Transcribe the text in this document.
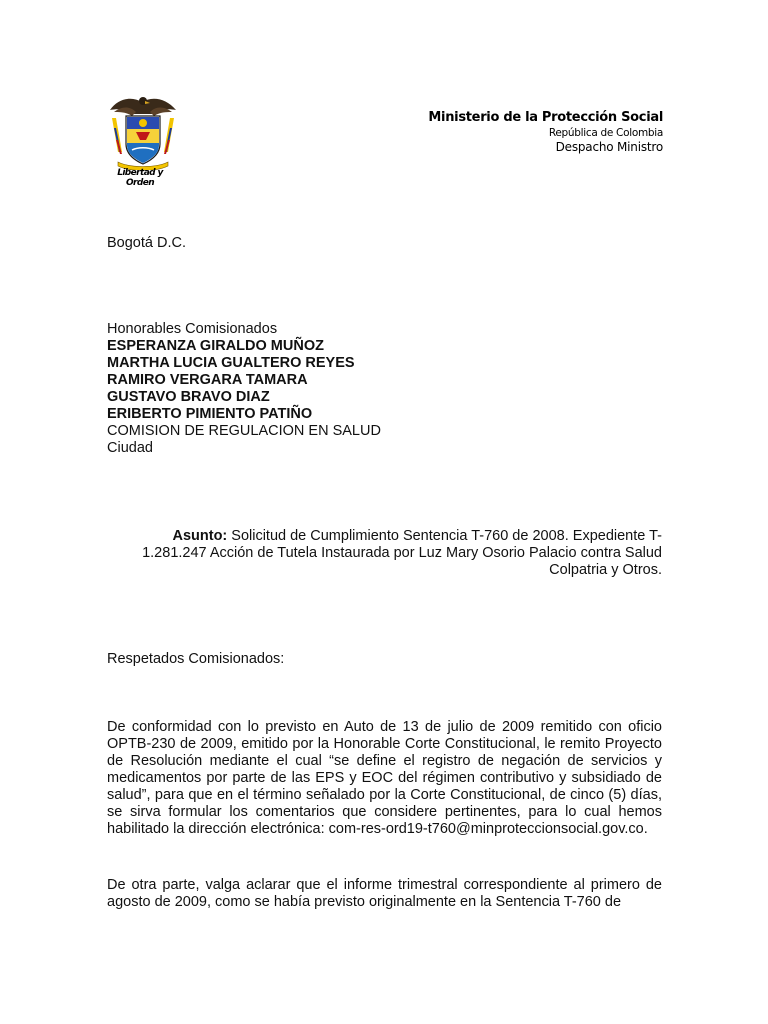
Libertad y Orden
Ministerio de la Protección Social
República de Colombia
Despacho Ministro
Bogotá D.C.
Honorables Comisionados
ESPERANZA GIRALDO MUÑOZ
MARTHA LUCIA GUALTERO REYES
RAMIRO VERGARA TAMARA
GUSTAVO BRAVO DIAZ
ERIBERTO PIMIENTO PATIÑO
COMISION DE REGULACION EN SALUD
Ciudad
Asunto: Solicitud de Cumplimiento Sentencia T-760 de 2008. Expediente T-
1.281.247 Acción de Tutela Instaurada por Luz Mary Osorio Palacio contra Salud
Colpatria y Otros.
Respetados Comisionados:
De conformidad con lo previsto en Auto de 13 de julio de 2009 remitido con oficio OPTB-230 de 2009, emitido por la Honorable Corte Constitucional, le remito Proyecto de Resolución mediante el cual “se define el registro de negación de servicios y medicamentos por parte de las EPS y EOC del régimen contributivo y subsidiado de salud”, para que en el término señalado por la Corte Constitucional, de cinco (5) días, se sirva formular los comentarios que considere pertinentes, para lo cual hemos habilitado la dirección electrónica: com-res-ord19-t760@minproteccionsocial.gov.co.
De otra parte, valga aclarar que el informe trimestral correspondiente al primero de agosto de 2009, como se había previsto originalmente en la Sentencia T-760 de
